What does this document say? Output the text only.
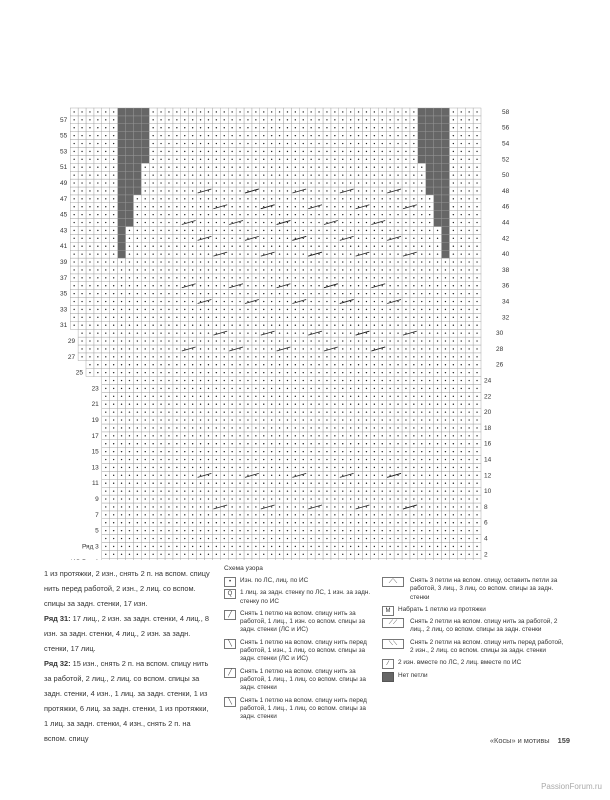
57
55
53
51
49
47
45
43
41
39
37
35
33
31
29
27
25
23
21
19
17
15
13
11
9
7
5
Ряд 3
58
56
54
52
50
48
46
44
42
40
38
36
34
32
30
28
26
24
22
20
18
16
14
12
10
8
6
4
2
1 из протяжки, 2 изн., снять 2 п. на вспом. спицу нить перед работой, 2 изн., 2 лиц. со вспом. спицы за задн. стенки, 17 изн.
Ряд 31: 17 лиц., 2 изн. за задн. стенки, 4 лиц., 8 изн. за задн. стенки, 4 лиц., 2 изн. за задн. стенки, 17 лиц.
Ряд 32: 15 изн., снять 2 п. на вспом. спицу нить за работой, 2 лиц., 2 лиц. со вспом. спицы за задн. стенки, 4 изн., 1 лиц. за задн. стенки, 1 из протяжки, 6 лиц. за задн. стенки, 1 из протяжки, 1 лиц. за задн. стенки, 4 изн., снять 2 п. на вспом. спицу
Схема узора
•	Изн. по ЛС, лиц. по ИС
Q	1 лиц. за задн. стенку по ЛС, 1 изн. за задн. стенку по ИС
╱	Снять 1 петлю на вспом. спицу нить за работой, 1 лиц., 1 изн. со вспом. спицы за задн. стенки (ЛС и ИС)
╲	Снять 1 петлю на вспом. спицу нить перед работой, 1 изн., 1 лиц. со вспом. спицы за задн. стенки (ЛС и ИС)
╱	Снять 1 петлю на вспом. спицу нить за работой, 1 лиц., 1 лиц. со вспом. спицы за задн. стенки
╲	Снять 1 петлю на вспом. спицу нить перед работой, 1 лиц., 1 лиц. со вспом. спицы за задн. стенки
⟋⟍	Снять 3 петли на вспом. спицу, оставить петли за работой, 3 лиц., 3 лиц. со вспом. спицы за задн. стенки
M	Набрать 1 петлю из протяжки
⟋⟋	Снять 2 петли на вспом. спицу нить за работой, 2 лиц., 2 лиц. со вспом. спицы за задн. стенки
⟍⟍	Снять 2 петли на вспом. спицу нить перед работой, 2 изн., 2 лиц. со вспом. спицы за задн. стенки
⁄	2 изн. вместе по ЛС, 2 лиц. вместе по ИС
Нет петли
«Косы» и мотивы 159
PassionForum.ru
